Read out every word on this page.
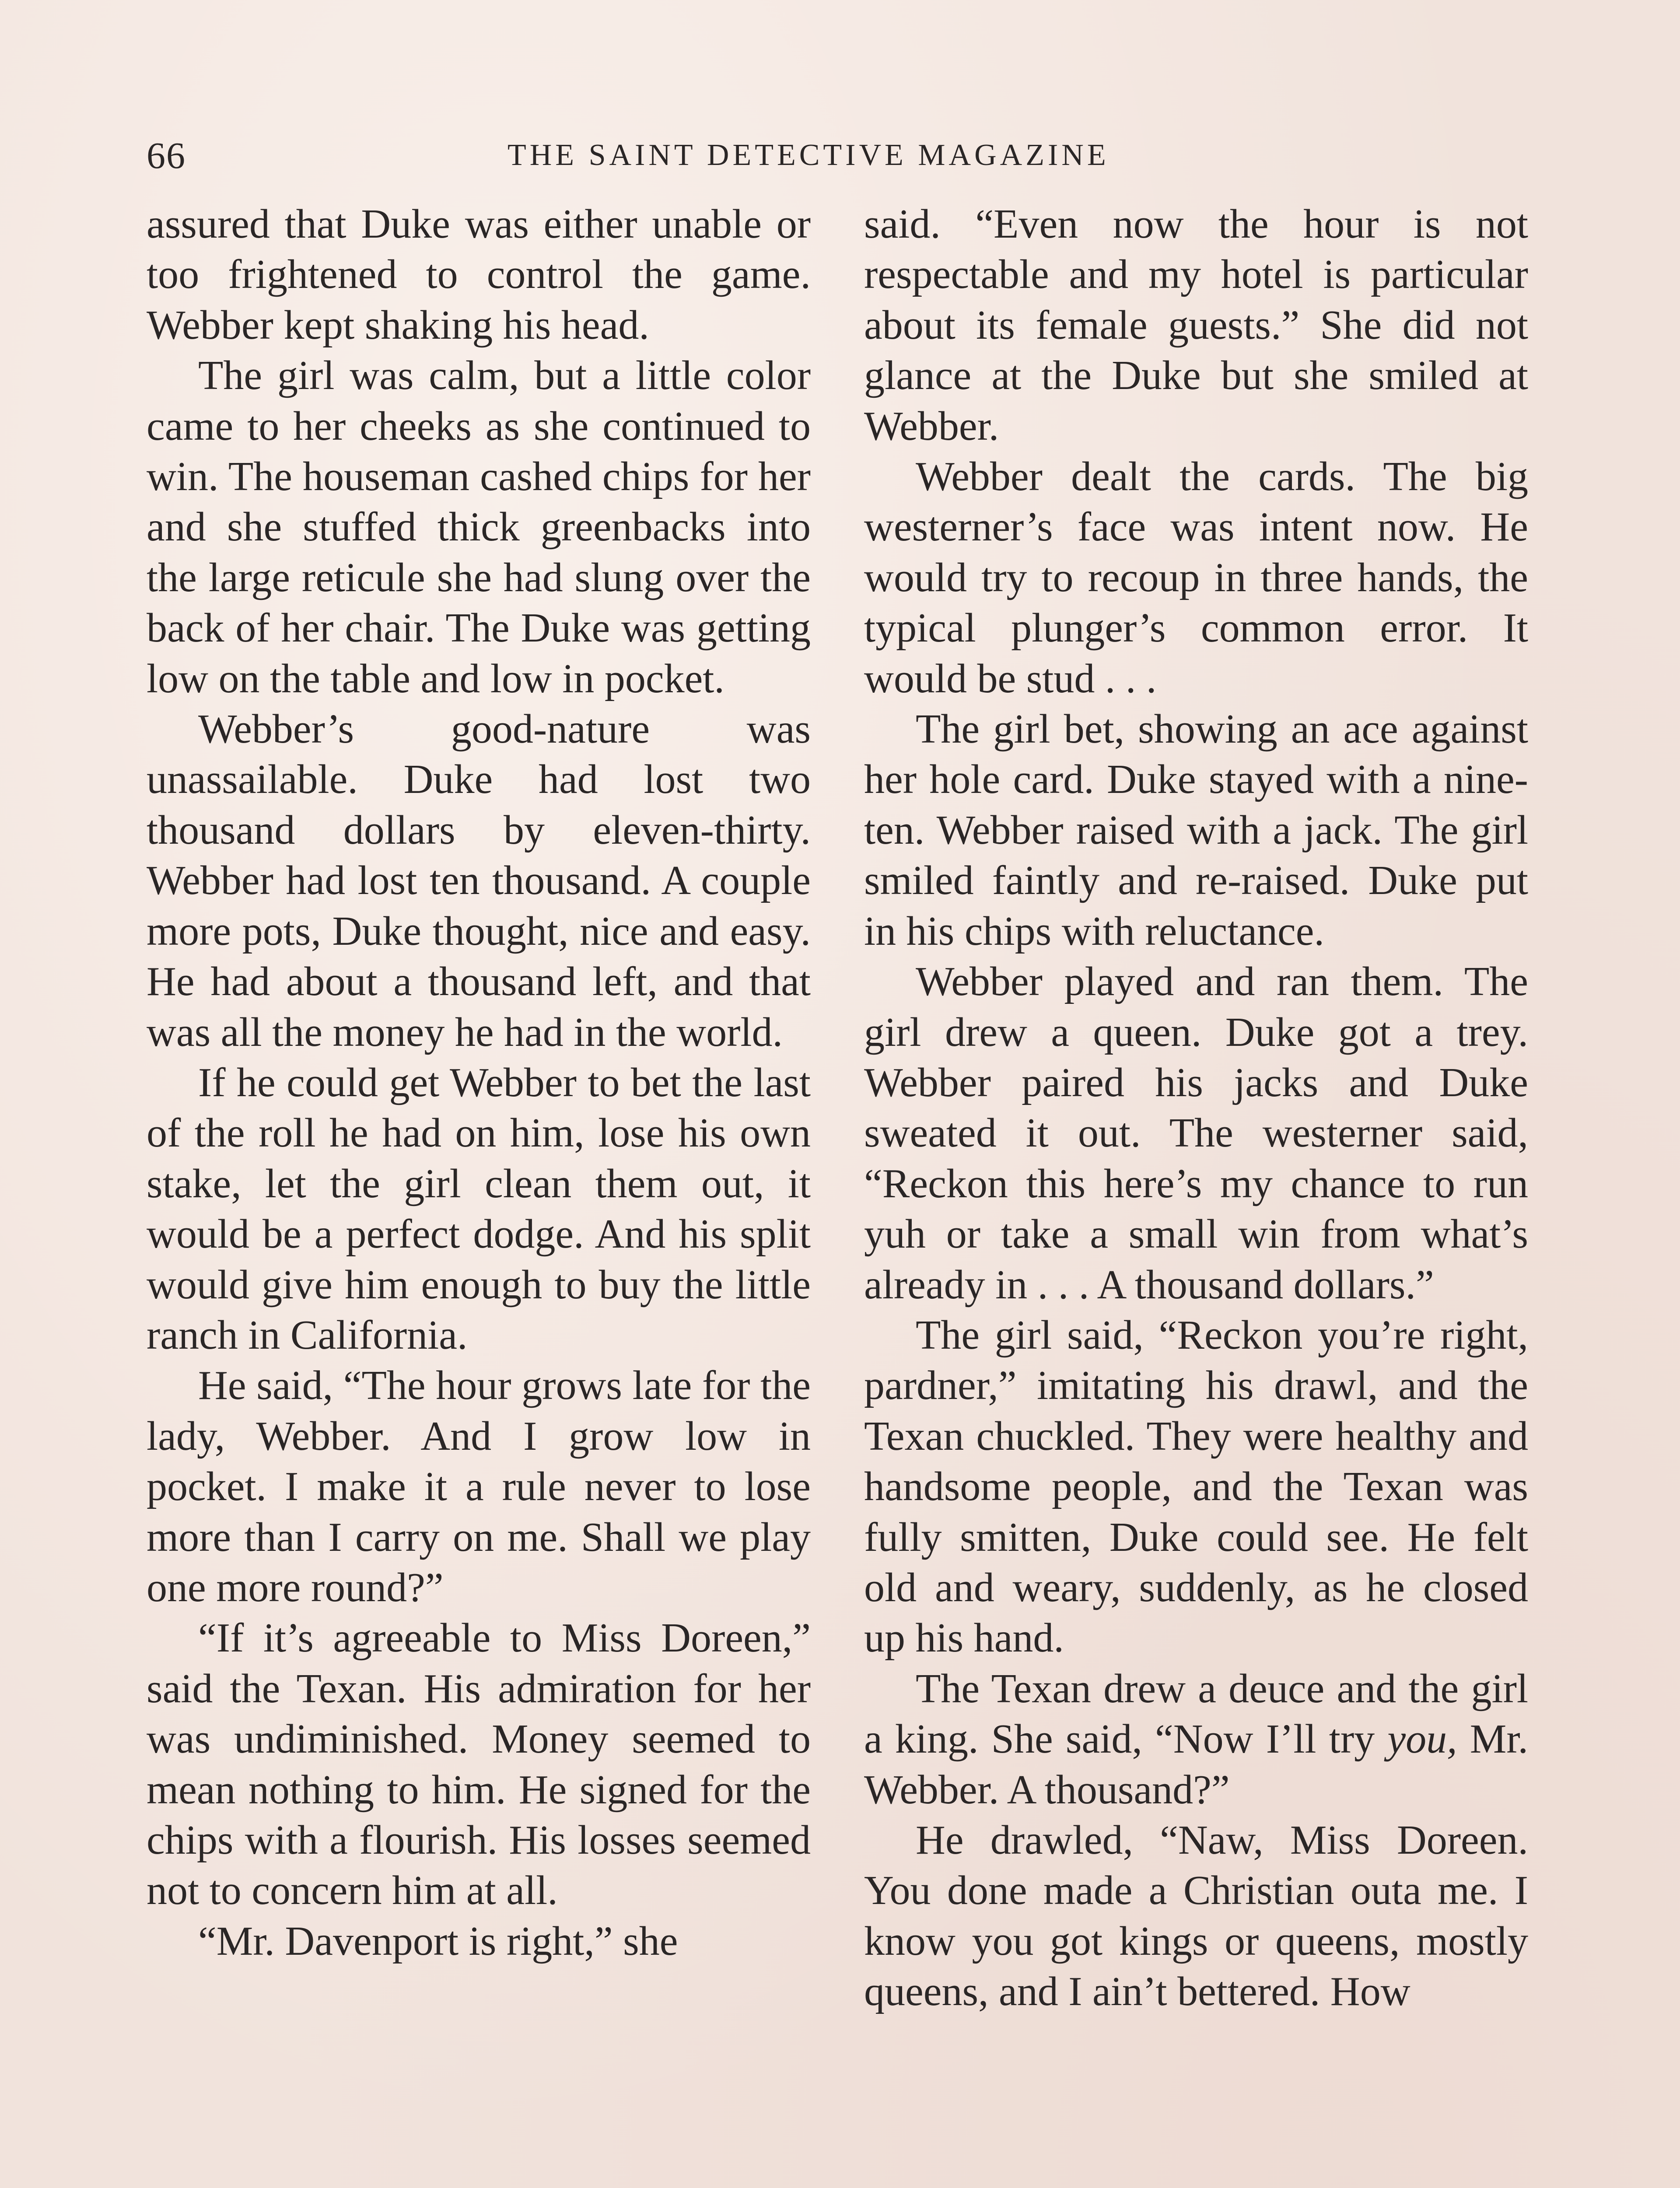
66	THE SAINT DETECTIVE MAGAZINE

assured that Duke was either unable or too frightened to control the game. Webber kept shaking his head.

The girl was calm, but a little color came to her cheeks as she continued to win. The houseman cashed chips for her and she stuffed thick greenbacks into the large reticule she had slung over the back of her chair. The Duke was getting low on the table and low in pocket.

Webber’s good-nature was unassailable. Duke had lost two thousand dollars by eleven-thirty. Webber had lost ten thousand. A couple more pots, Duke thought, nice and easy. He had about a thousand left, and that was all the money he had in the world.

If he could get Webber to bet the last of the roll he had on him, lose his own stake, let the girl clean them out, it would be a perfect dodge. And his split would give him enough to buy the little ranch in California.

He said, “The hour grows late for the lady, Webber. And I grow low in pocket. I make it a rule never to lose more than I carry on me. Shall we play one more round?”

“If it’s agreeable to Miss Doreen,” said the Texan. His admiration for her was undiminished. Money seemed to mean nothing to him. He signed for the chips with a flourish. His losses seemed not to concern him at all.

“Mr. Davenport is right,” she

said. “Even now the hour is not respectable and my hotel is particular about its female guests.” She did not glance at the Duke but she smiled at Webber.

Webber dealt the cards. The big westerner’s face was intent now. He would try to recoup in three hands, the typical plunger’s common error. It would be stud . . .

The girl bet, showing an ace against her hole card. Duke stayed with a nine-ten. Webber raised with a jack. The girl smiled faintly and re-raised. Duke put in his chips with reluctance.

Webber played and ran them. The girl drew a queen. Duke got a trey. Webber paired his jacks and Duke sweated it out. The westerner said, “Reckon this here’s my chance to run yuh or take a small win from what’s already in . . . A thousand dollars.”

The girl said, “Reckon you’re right, pardner,” imitating his drawl, and the Texan chuckled. They were healthy and handsome people, and the Texan was fully smitten, Duke could see. He felt old and weary, suddenly, as he closed up his hand.

The Texan drew a deuce and the girl a king. She said, “Now I’ll try you, Mr. Webber. A thousand?”

He drawled, “Naw, Miss Doreen. You done made a Christian outa me. I know you got kings or queens, mostly queens, and I ain’t bettered. How
